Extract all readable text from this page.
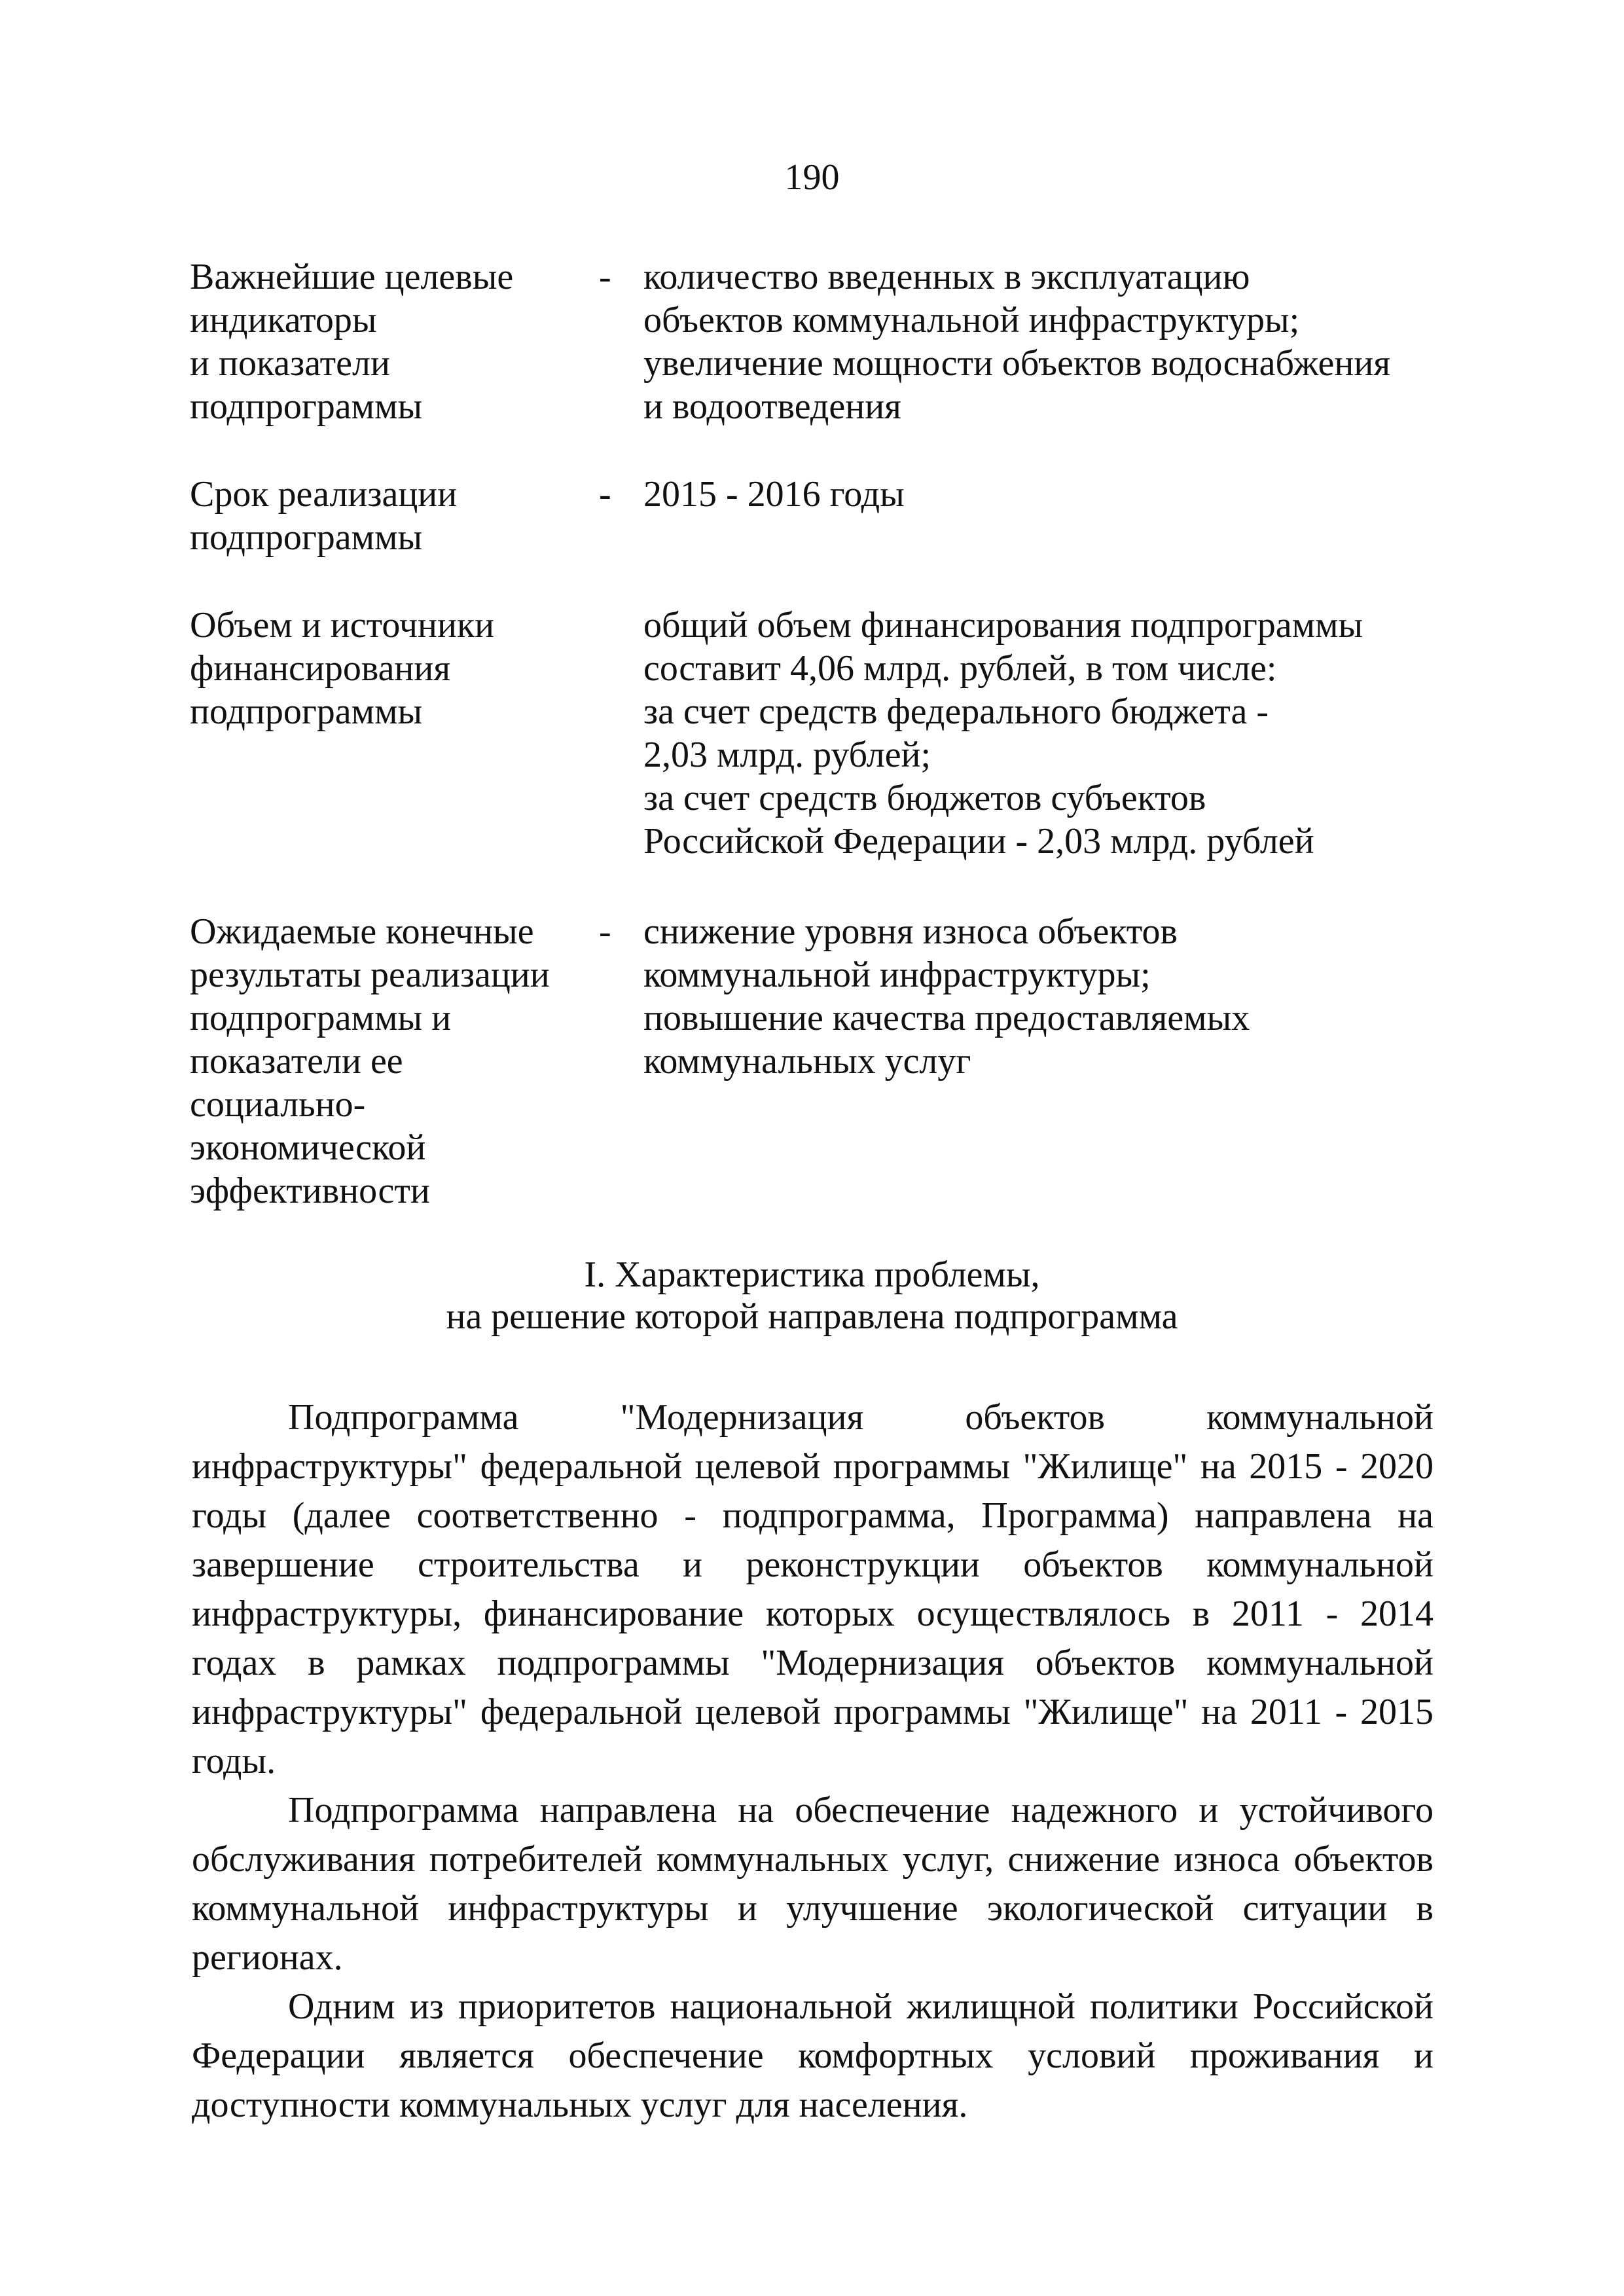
190
Важнейшие целевые
индикаторы
и показатели
подпрограммы
- количество введенных в эксплуатацию
объектов коммунальной инфраструктуры;
увеличение мощности объектов водоснабжения
и водоотведения
Срок реализации
подпрограммы
- 2015 - 2016 годы
Объем и источники
финансирования
подпрограммы
общий объем финансирования подпрограммы
составит 4,06 млрд. рублей, в том числе:
за счет средств федерального бюджета -
2,03 млрд. рублей;
за счет средств бюджетов субъектов
Российской Федерации - 2,03 млрд. рублей
Ожидаемые конечные
результаты реализации
подпрограммы и
показатели ее
социально-
экономической
эффективности
- снижение уровня износа объектов
коммунальной инфраструктуры;
повышение качества предоставляемых
коммунальных услуг
I. Характеристика проблемы,
на решение которой направлена подпрограмма

Подпрограмма "Модернизация объектов коммунальной инфраструктуры" федеральной целевой программы "Жилище" на 2015 - 2020 годы (далее соответственно - подпрограмма, Программа) направлена на завершение строительства и реконструкции объектов коммунальной инфраструктуры, финансирование которых осуществлялось в 2011 - 2014 годах в рамках подпрограммы "Модернизация объектов коммунальной инфраструктуры" федеральной целевой программы "Жилище" на 2011 - 2015 годы.

Подпрограмма направлена на обеспечение надежного и устойчивого обслуживания потребителей коммунальных услуг, снижение износа объектов коммунальной инфраструктуры и улучшение экологической ситуации в регионах.

Одним из приоритетов национальной жилищной политики Российской Федерации является обеспечение комфортных условий проживания и доступности коммунальных услуг для населения.
